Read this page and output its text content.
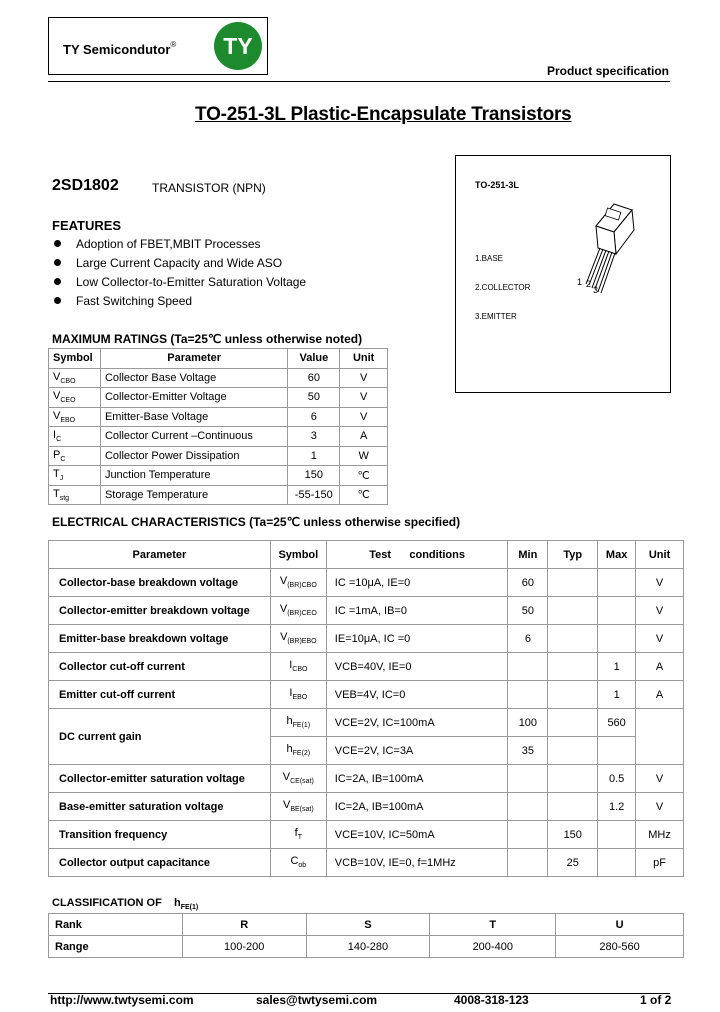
TY Semicondutor® TY
Product specification
TO-251-3L Plastic-Encapsulate Transistors
2SD1802	TRANSISTOR (NPN)
FEATURES
Adoption of FBET,MBIT Processes
Large Current Capacity and Wide ASO
Low Collector-to-Emitter Saturation Voltage
Fast Switching Speed
TO-251-3L
1.BASE
2.COLLECTOR
3.EMITTER
1 2
3
MAXIMUM RATINGS (Ta=25℃ unless otherwise noted)
Symbol	Parameter	Value	Unit
$V_{CBO}$	Collector Base Voltage	60	V
$V_{CEO}$	Collector-Emitter Voltage	50	V
$V_{EBO}$	Emitter-Base Voltage	6	V
$I_C$	Collector Current –Continuous	3	A
$P_C$	Collector Power Dissipation	1	W
$T_J$	Junction Temperature	150	℃
$T_{stg}$	Storage Temperature	-55-150	℃
ELECTRICAL CHARACTERISTICS (Ta=25℃ unless otherwise specified)
Parameter	Symbol	Test      conditions	Min	Typ	Max	Unit
Collector-base breakdown voltage	$V_{(BR)CBO}$	IC =10μA, IE=0	60			V
Collector-emitter breakdown voltage	$V_{(BR)CEO}$	IC =1mA, IB=0	50			V
Emitter-base breakdown voltage	$V_{(BR)EBO}$	IE=10μA, IC =0	6			V
Collector cut-off current	$I_{CBO}$	VCB=40V, IE=0			1	A
Emitter cut-off current	$I_{EBO}$	VEB=4V, IC=0			1	A
DC current gain	$h_{FE(1)}$	VCE=2V, IC=100mA	100		560	
	$h_{FE(2)}$	VCE=2V, IC=3A	35			
Collector-emitter saturation voltage	$V_{CE(sat)}$	IC=2A, IB=100mA			0.5	V
Base-emitter saturation voltage	$V_{BE(sat)}$	IC=2A, IB=100mA			1.2	V
Transition frequency	$f_T$	VCE=10V, IC=50mA		150		MHz
Collector output capacitance	$C_{ob}$	VCB=10V, IE=0, f=1MHz		25		pF
CLASSIFICATION OF    $h_{FE(1)}$
Rank	R	S	T	U
Range	100-200	140-280	200-400	280-560
http://www.twtysemi.com	sales@twtysemi.com	4008-318-123	1 of 2
